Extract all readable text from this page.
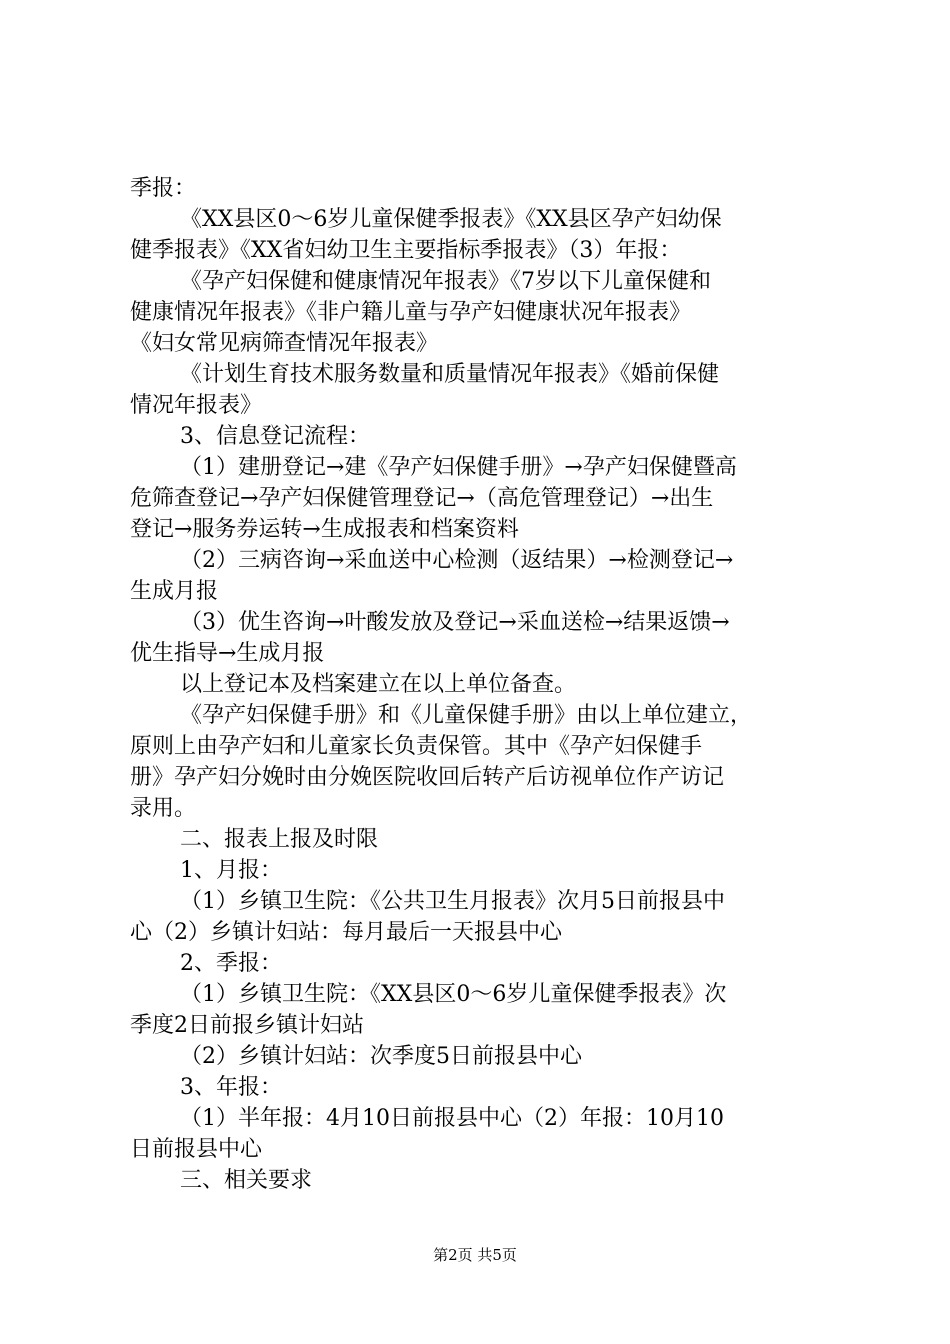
季报：
《XX县区0～6岁儿童保健季报表》《XX县区孕产妇幼保
健季报表》《XX省妇幼卫生主要指标季报表》（3）年报：
《孕产妇保健和健康情况年报表》《7岁以下儿童保健和
健康情况年报表》《非户籍儿童与孕产妇健康状况年报表》
《妇女常见病筛查情况年报表》
《计划生育技术服务数量和质量情况年报表》《婚前保健
情况年报表》
3、信息登记流程：
（1）建册登记→建《孕产妇保健手册》→孕产妇保健暨高
危筛查登记→孕产妇保健管理登记→（高危管理登记）→出生
登记→服务券运转→生成报表和档案资料
（2）三病咨询→采血送中心检测（返结果）→检测登记→
生成月报
（3）优生咨询→叶酸发放及登记→采血送检→结果返馈→
优生指导→生成月报
以上登记本及档案建立在以上单位备查。
《孕产妇保健手册》和《儿童保健手册》由以上单位建立，
原则上由孕产妇和儿童家长负责保管。其中《孕产妇保健手
册》孕产妇分娩时由分娩医院收回后转产后访视单位作产访记
录用。
二、报表上报及时限
1、月报：
（1）乡镇卫生院：《公共卫生月报表》次月5日前报县中
心（2）乡镇计妇站：每月最后一天报县中心
2、季报：
（1）乡镇卫生院：《XX县区0～6岁儿童保健季报表》次
季度2日前报乡镇计妇站
（2）乡镇计妇站：次季度5日前报县中心
3、年报：
（1）半年报：4月10日前报县中心（2）年报：10月10
日前报县中心
三、相关要求
第2页 共5页
